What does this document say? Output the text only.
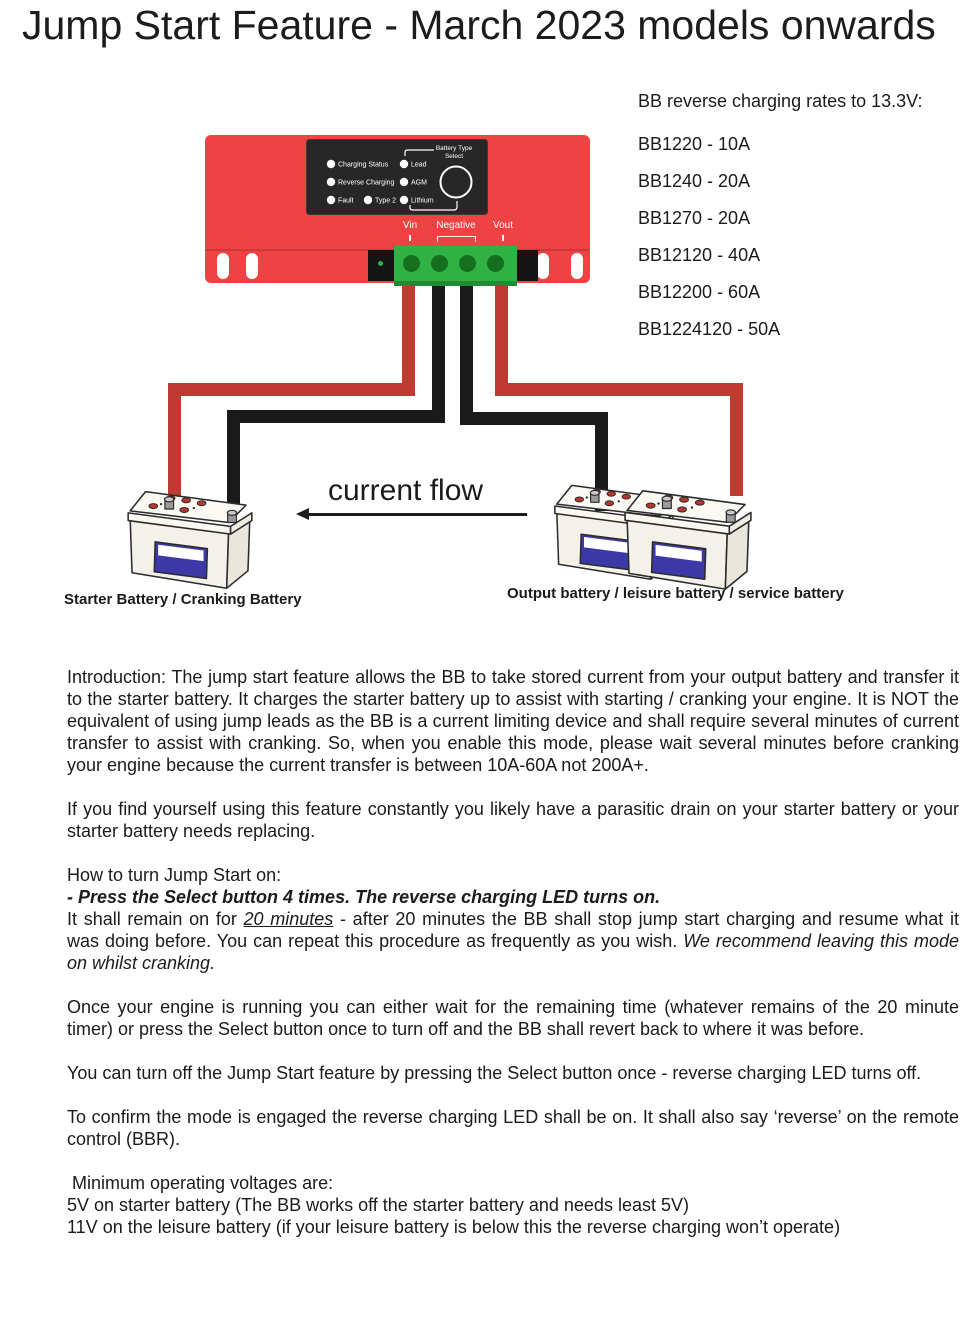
Jump Start Feature - March 2023 models onwards
Charging Status
Reverse Charging
Fault	Type 2
Lead
AGM
Lithium
Battery Type
Select
Vin	Negative	Vout
BB reverse charging rates to 13.3V:
BB1220 - 10A
BB1240 - 20A
BB1270 - 20A
BB12120 - 40A
BB12200 - 60A
BB1224120 - 50A
current flow
Starter Battery / Cranking Battery	Output battery / leisure battery / service battery

Introduction: The jump start feature allows the BB to take stored current from your output battery and transfer it to the starter battery. It charges the starter battery up to assist with starting / cranking your engine. It is NOT the equivalent of using jump leads as the BB is a current limiting device and shall require several minutes of current transfer to assist with cranking. So, when you enable this mode, please wait several minutes before cranking your engine because the current transfer is between 10A-60A not 200A+.

If you find yourself using this feature constantly you likely have a parasitic drain on your starter battery or your starter battery needs replacing.

How to turn Jump Start on:

- Press the Select button 4 times. The reverse charging LED turns on.

It shall remain on for 20 minutes - after 20 minutes the BB shall stop jump start charging and resume what it was doing before. You can repeat this procedure as frequently as you wish. We recommend leaving this mode on whilst cranking.

Once your engine is running you can either wait for the remaining time (whatever remains of the 20 minute timer) or press the Select button once to turn off and the BB shall revert back to where it was before.

You can turn off the Jump Start feature by pressing the Select button once - reverse charging LED turns off.

To confirm the mode is engaged the reverse charging LED shall be on. It shall also say ‘reverse’ on the remote control (BBR).

Minimum operating voltages are:

5V on starter battery (The BB works off the starter battery and needs least 5V)

11V on the leisure battery (if your leisure battery is below this the reverse charging won’t operate)
